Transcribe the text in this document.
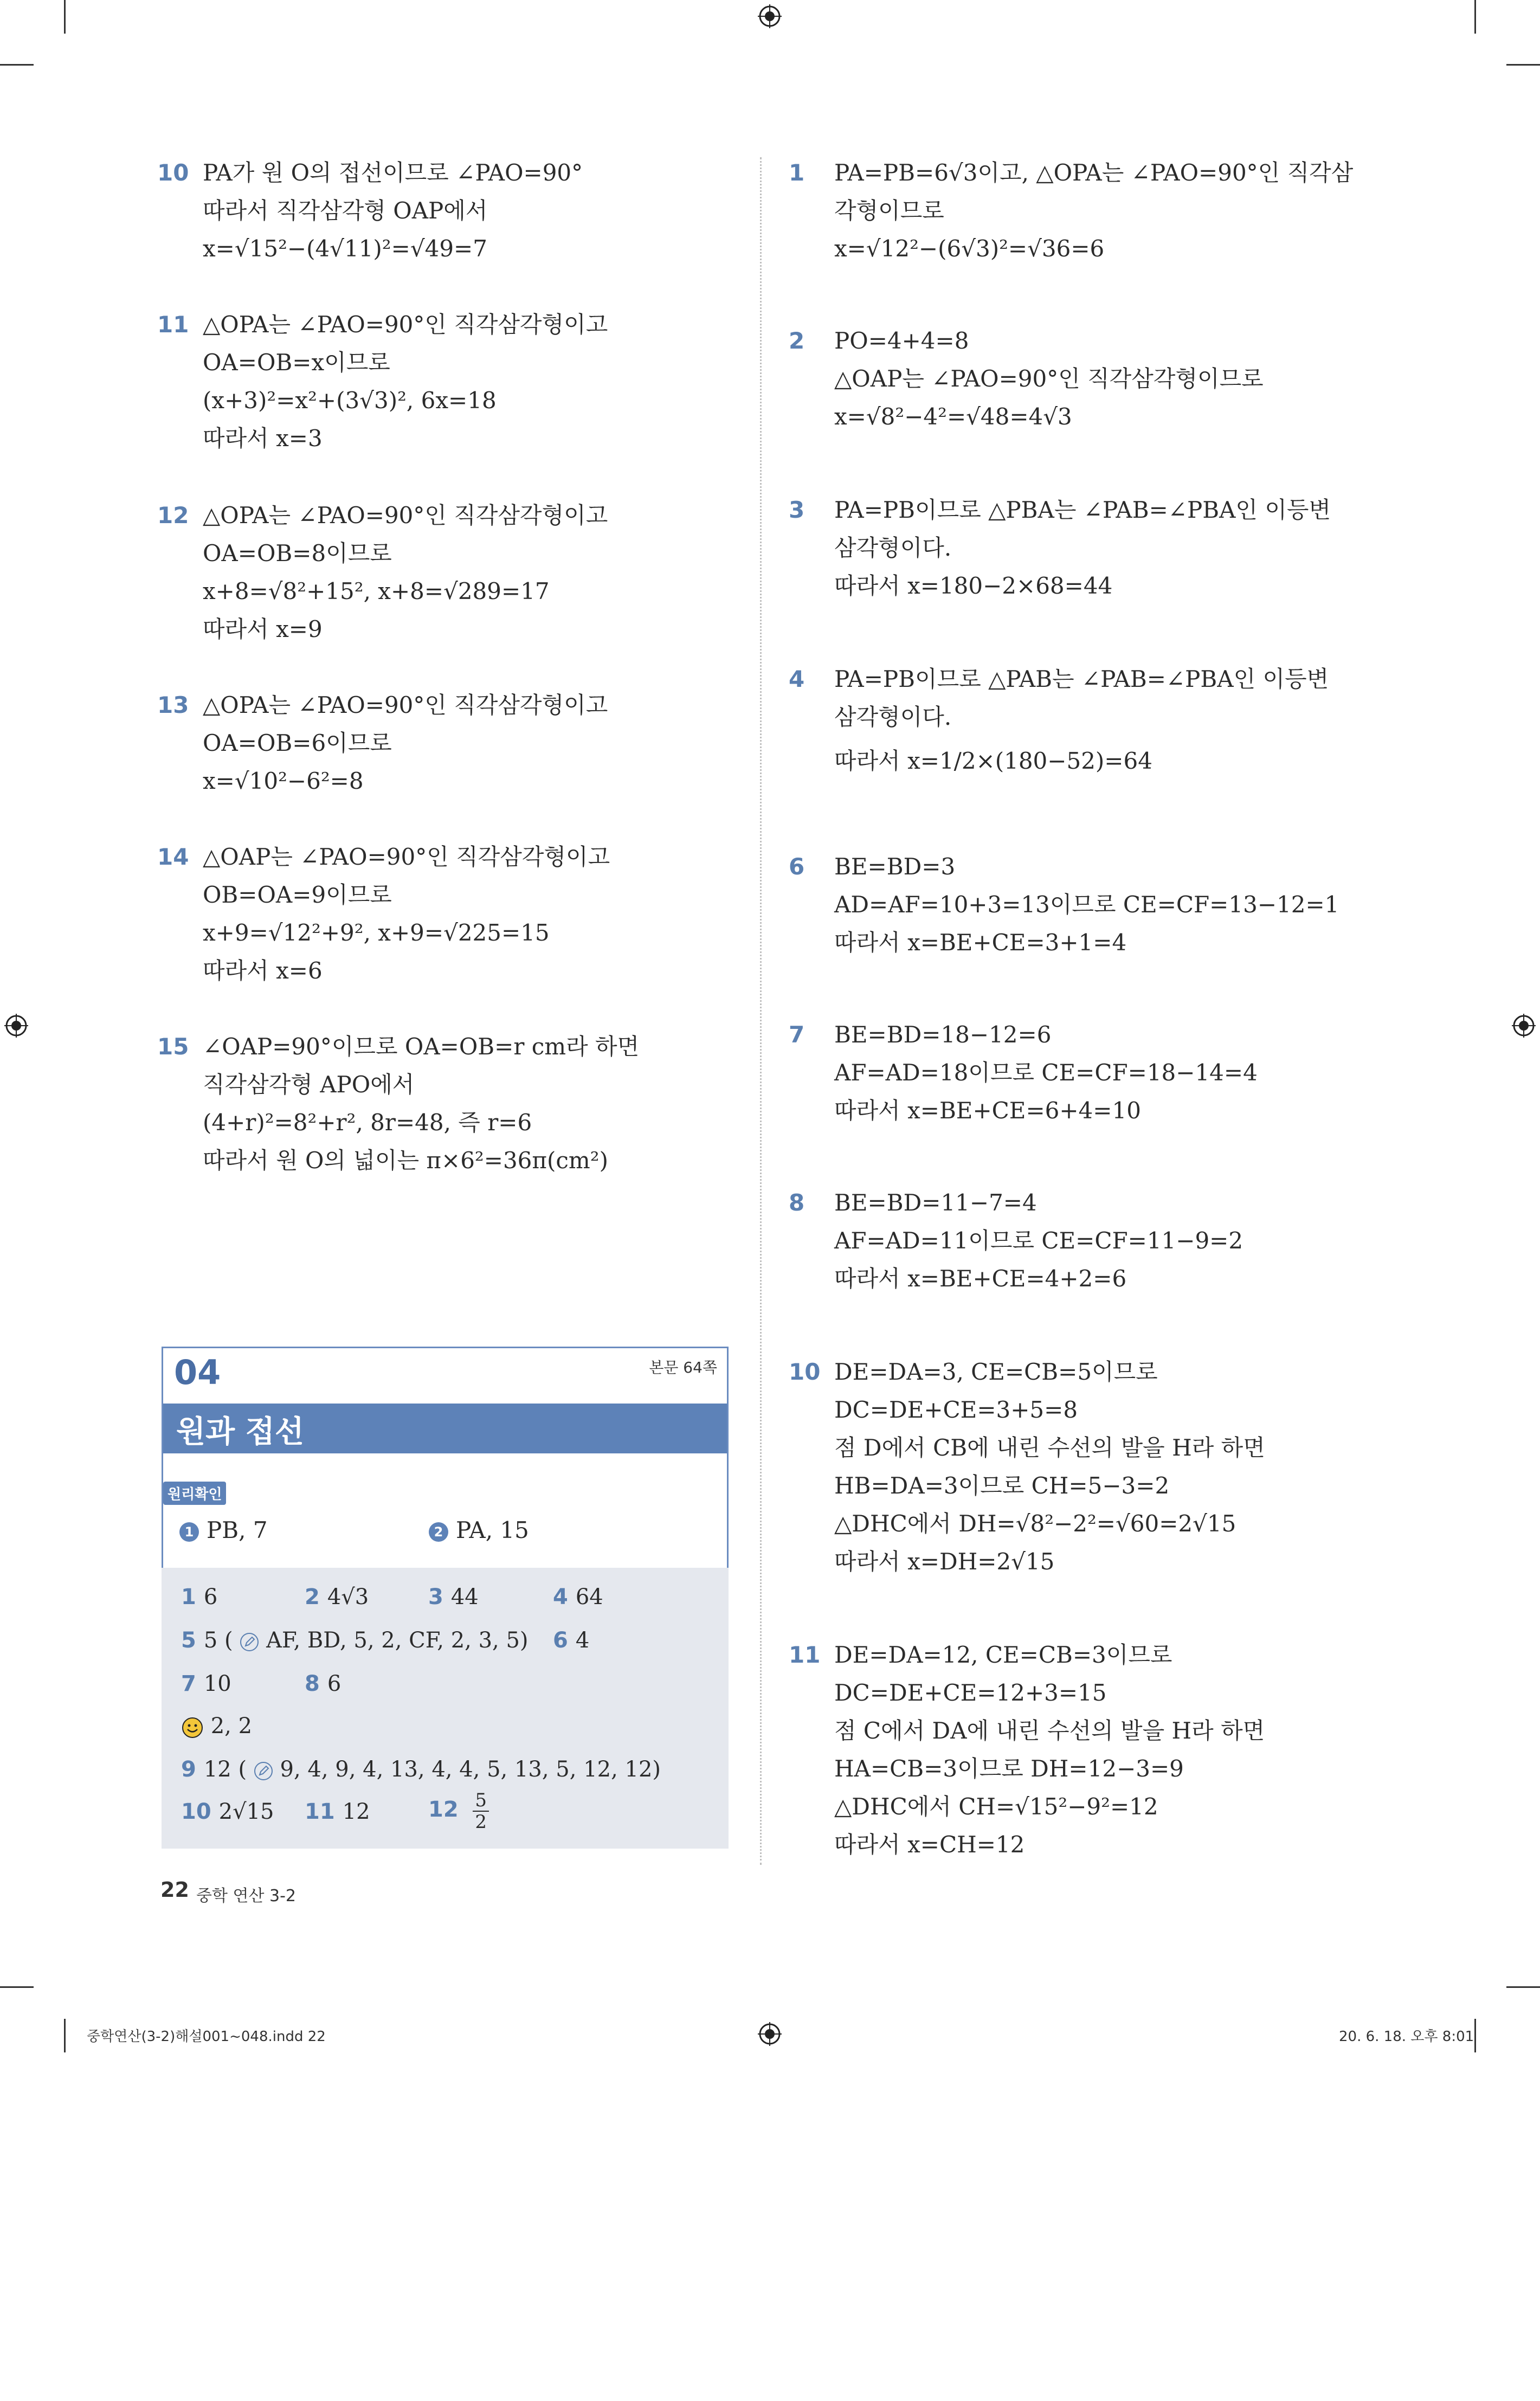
10 PA가 원 O의 접선이므로 ∠PAO=90°
따라서 직각삼각형 OAP에서
x=√15²−(4√11)²=√49=7
11 △OPA는 ∠PAO=90°인 직각삼각형이고
OA=OB=x이므로
(x+3)²=x²+(3√3)², 6x=18
따라서 x=3
12 △OPA는 ∠PAO=90°인 직각삼각형이고
OA=OB=8이므로
x+8=√8²+15², x+8=√289=17
따라서 x=9
13 △OPA는 ∠PAO=90°인 직각삼각형이고
OA=OB=6이므로
x=√10²−6²=8
14 △OAP는 ∠PAO=90°인 직각삼각형이고
OB=OA=9이므로
x+9=√12²+9², x+9=√225=15
따라서 x=6
15 ∠OAP=90°이므로 OA=OB=r cm라 하면
직각삼각형 APO에서
(4+r)²=8²+r², 8r=48, 즉 r=6
따라서 원 O의 넓이는 π×6²=36π(cm²)
1 PA=PB=6√3이고, △OPA는 ∠PAO=90°인 직각삼
각형이므로
x=√12²−(6√3)²=√36=6
2 PO=4+4=8
△OAP는 ∠PAO=90°인 직각삼각형이므로
x=√8²−4²=√48=4√3
3 PA=PB이므로 △PBA는 ∠PAB=∠PBA인 이등변
삼각형이다.
따라서 x=180−2×68=44
4 PA=PB이므로 △PAB는 ∠PAB=∠PBA인 이등변
삼각형이다.
따라서 x=1/2×(180−52)=64
6 BE=BD=3
AD=AF=10+3=13이므로 CE=CF=13−12=1
따라서 x=BE+CE=3+1=4
7 BE=BD=18−12=6
AF=AD=18이므로 CE=CF=18−14=4
따라서 x=BE+CE=6+4=10
8 BE=BD=11−7=4
AF=AD=11이므로 CE=CF=11−9=2
따라서 x=BE+CE=4+2=6
10 DE=DA=3, CE=CB=5이므로
DC=DE+CE=3+5=8
점 D에서 CB에 내린 수선의 발을 H라 하면
HB=DA=3이므로 CH=5−3=2
△DHC에서 DH=√8²−2²=√60=2√15
따라서 x=DH=2√15
11 DE=DA=12, CE=CB=3이므로
DC=DE+CE=12+3=15
점 C에서 DA에 내린 수선의 발을 H라 하면
HA=CB=3이므로 DH=12−3=9
△DHC에서 CH=√15²−9²=12
따라서 x=CH=12
04	본문 64쪽
원과 접선
원리확인
1 PB, 7	2 PA, 15
1 6	2 4√3	3 44	4 64
5 5 ( AF, BD, 5, 2, CF, 2, 3, 5) 6 4
7 10	8 6
2, 2
9 12 ( 9, 4, 9, 4, 13, 4, 4, 5, 13, 5, 12, 12)
10 2√15 11 12	$12 \frac{5}{2}$
22 중학 연산 3-2
중학연산(3-2)해설001~048.indd 22	20. 6. 18. 오후 8:01
